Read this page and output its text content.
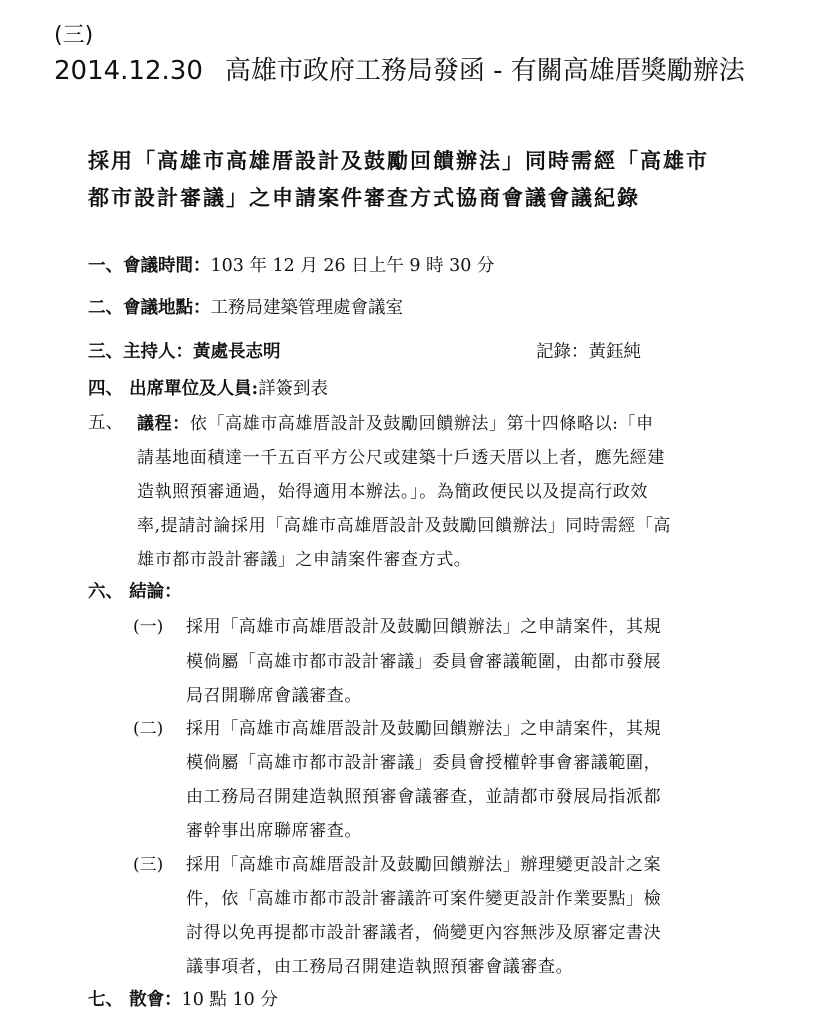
(三)
2014.12.30 高雄市政府工務局發函 - 有關高雄厝獎勵辦法
採用「高雄市高雄厝設計及鼓勵回饋辦法」同時需經「高雄市
都市設計審議」之申請案件審查方式協商會議會議紀錄
一、會議時間：103 年 12 月 26 日上午 9 時 30 分
二、會議地點：工務局建築管理處會議室
三、主持人：黃處長志明	記錄：黃鈺純
四、 出席單位及人員:詳簽到表
五、 議程：依「高雄市高雄厝設計及鼓勵回饋辦法」第十四條略以:「申
請基地面積達一千五百平方公尺或建築十戶透天厝以上者，應先經建
造執照預審通過，始得適用本辦法。」。為簡政便民以及提高行政效
率,提請討論採用「高雄市高雄厝設計及鼓勵回饋辦法」同時需經「高
雄市都市設計審議」之申請案件審查方式。
六、 結論：
(一) 採用「高雄市高雄厝設計及鼓勵回饋辦法」之申請案件，其規
模倘屬「高雄市都市設計審議」委員會審議範圍，由都市發展
局召開聯席會議審查。
(二) 採用「高雄市高雄厝設計及鼓勵回饋辦法」之申請案件，其規
模倘屬「高雄市都市設計審議」委員會授權幹事會審議範圍，
由工務局召開建造執照預審會議審查，並請都市發展局指派都
審幹事出席聯席審查。
(三) 採用「高雄市高雄厝設計及鼓勵回饋辦法」辦理變更設計之案
件，依「高雄市都市設計審議許可案件變更設計作業要點」檢
討得以免再提都市設計審議者，倘變更內容無涉及原審定書決
議事項者，由工務局召開建造執照預審會議審查。
七、 散會：10 點 10 分
